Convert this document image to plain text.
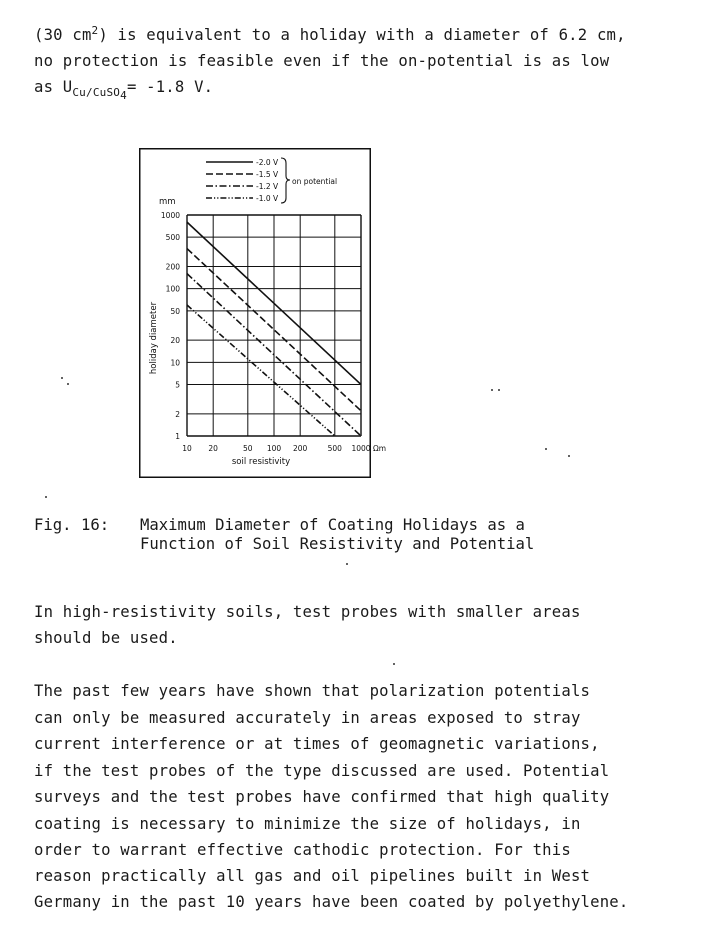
(30 $cm^2$) is equivalent to a holiday with a diameter of 6.2 cm,
no protection is feasible even if the on-potential is as low
as $U_{Cu/CuSO_4}= -1.8$ V.
-2.0 V
-1.5 V
-1.2 V
-1.0 V
on potential
mm
1
2
5
10
20
50
100
200
500
1000
10 20	50 100 200	500 1000 Ωm
soil resistivity
holiday diameter
Fig. 16: Maximum Diameter of Coating Holidays as a
Function of Soil Resistivity and Potential
In high-resistivity soils, test probes with smaller areas
should be used.
The past few years have shown that polarization potentials
can only be measured accurately in areas exposed to stray
current interference or at times of geomagnetic variations,
if the test probes of the type discussed are used. Potential
surveys and the test probes have confirmed that high quality
coating is necessary to minimize the size of holidays, in
order to warrant effective cathodic protection. For this
reason practically all gas and oil pipelines built in West
Germany in the past 10 years have been coated by polyethylene.
